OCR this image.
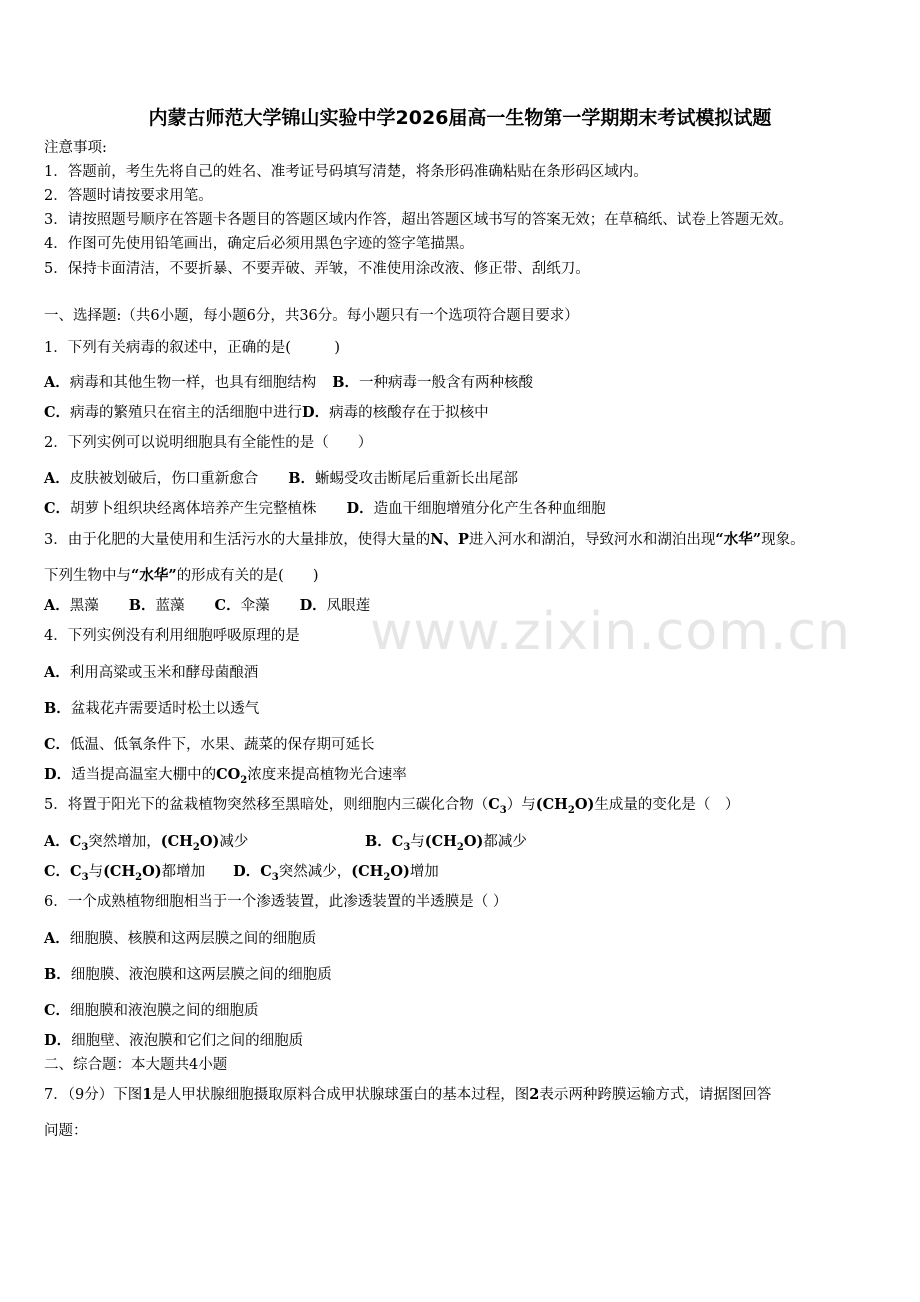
内蒙古师范大学锦山实验中学2026届高一生物第一学期期末考试模拟试题
www.zixin.com.cn
注意事项:
1．答题前，考生先将自己的姓名、准考证号码填写清楚，将条形码准确粘贴在条形码区域内。
2．答题时请按要求用笔。
3．请按照题号顺序在答题卡各题目的答题区域内作答，超出答题区域书写的答案无效；在草稿纸、试卷上答题无效。
4．作图可先使用铅笔画出，确定后必须用黑色字迹的签字笔描黑。
5．保持卡面清洁，不要折暴、不要弄破、弄皱，不准使用涂改液、修正带、刮纸刀。
一、选择题:（共6小题，每小题6分，共36分。每小题只有一个选项符合题目要求）
1．下列有关病毒的叙述中，正确的是(　　　)
A．病毒和其他生物一样，也具有细胞结构 B．一种病毒一般含有两种核酸
C．病毒的繁殖只在宿主的活细胞中进行D．病毒的核酸存在于拟核中
2．下列实例可以说明细胞具有全能性的是（　　）
A．皮肤被划破后，伤口重新愈合 B．蜥蜴受攻击断尾后重新长出尾部
C．胡萝卜组织块经离体培养产生完整植株 D．造血干细胞增殖分化产生各种血细胞
3．由于化肥的大量使用和生活污水的大量排放，使得大量的N、P进入河水和湖泊，导致河水和湖泊出现“水华”现象。
下列生物中与“水华”的形成有关的是(　　)
A．黑藻 B．蓝藻 C．伞藻 D．凤眼莲
4．下列实例没有利用细胞呼吸原理的是
A．利用高粱或玉米和酵母菌酿酒
B．盆栽花卉需要适时松土以透气
C．低温、低氧条件下，水果、蔬菜的保存期可延长
D．适当提高温室大棚中的$CO_2$浓度来提高植物光合速率
5．将置于阳光下的盆栽植物突然移至黑暗处，则细胞内三碳化合物$(C_3)$与$(CH_2O)$生成量的变化是（　）
A．$C_3$突然增加，$(CH_2O)$减少	B．$C_3$与$(CH_2O)$都减少
C．$C_3$与$(CH_2O)$都增加 D．$C_3$突然减少，$(CH_2O)$增加
6．一个成熟植物细胞相当于一个渗透装置，此渗透装置的半透膜是（ ）
A．细胞膜、核膜和这两层膜之间的细胞质
B．细胞膜、液泡膜和这两层膜之间的细胞质
C．细胞膜和液泡膜之间的细胞质
D．细胞壁、液泡膜和它们之间的细胞质
二、综合题：本大题共4小题
7．（9分）下图1是人甲状腺细胞摄取原料合成甲状腺球蛋白的基本过程，图2表示两种跨膜运输方式，请据图回答
问题：
